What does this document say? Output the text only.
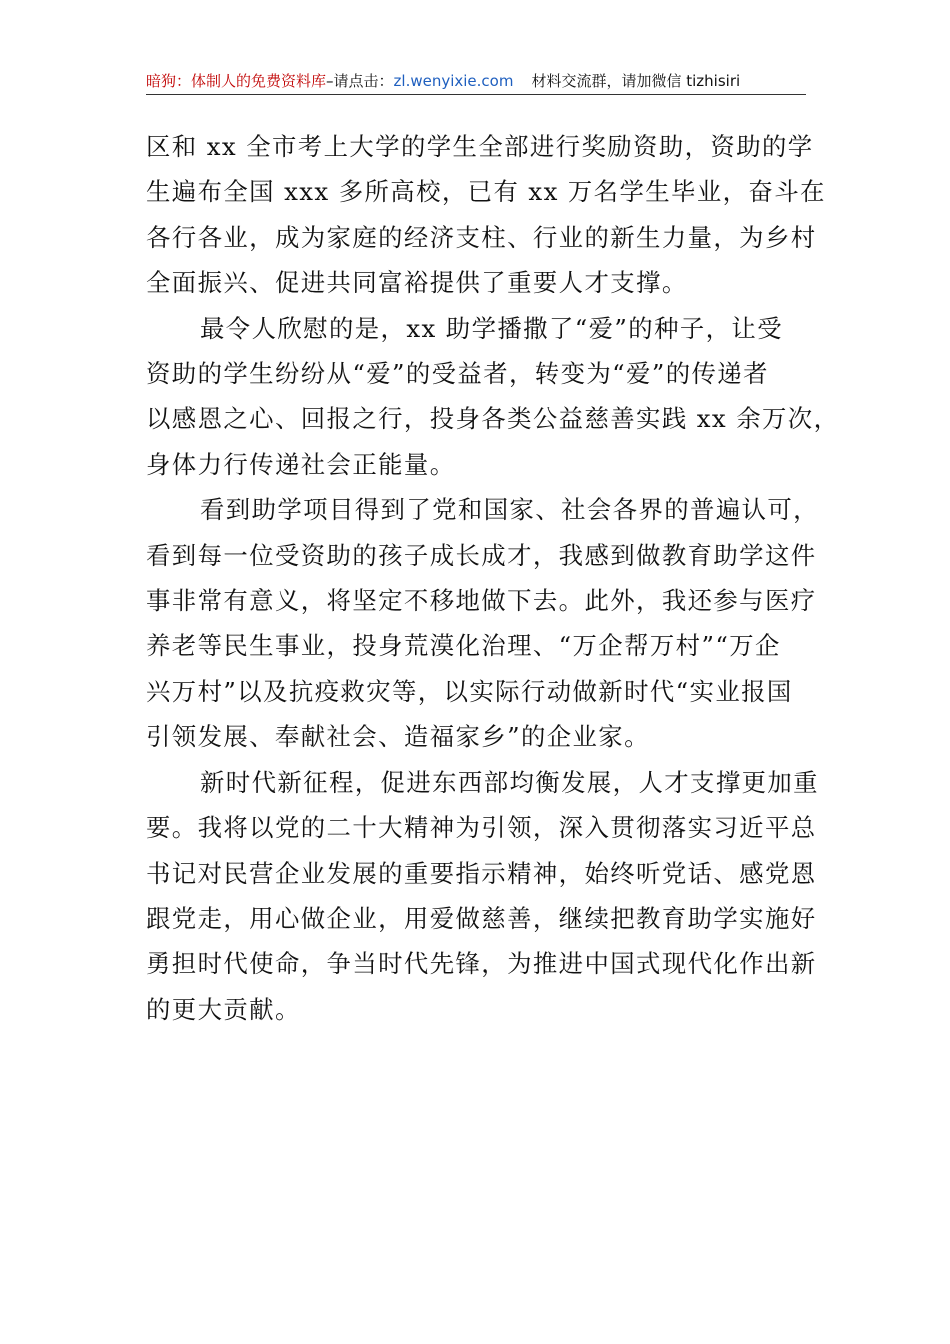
暗狗：体制人的免费资料库–请点击：zl.wenyixie.com 材料交流群，请加微信 tizhisiri
区和 xx 全市考上大学的学生全部进行奖励资助，资助的学
生遍布全国 xxx 多所高校，已有 xx 万名学生毕业，奋斗在
各行各业，成为家庭的经济支柱、行业的新生力量，为乡村
全面振兴、促进共同富裕提供了重要人才支撑。
最令人欣慰的是，xx 助学播撒了“爱”的种子，让受
资助的学生纷纷从“爱”的受益者，转变为“爱”的传递者
以感恩之心、回报之行，投身各类公益慈善实践 xx 余万次，
身体力行传递社会正能量。
看到助学项目得到了党和国家、社会各界的普遍认可，
看到每一位受资助的孩子成长成才，我感到做教育助学这件
事非常有意义，将坚定不移地做下去。此外，我还参与医疗
养老等民生事业，投身荒漠化治理、“万企帮万村”“万企
兴万村”以及抗疫救灾等，以实际行动做新时代“实业报国
引领发展、奉献社会、造福家乡”的企业家。
新时代新征程，促进东西部均衡发展，人才支撑更加重
要。我将以党的二十大精神为引领，深入贯彻落实习近平总
书记对民营企业发展的重要指示精神，始终听党话、感党恩
跟党走，用心做企业，用爱做慈善，继续把教育助学实施好
勇担时代使命，争当时代先锋，为推进中国式现代化作出新
的更大贡献。
